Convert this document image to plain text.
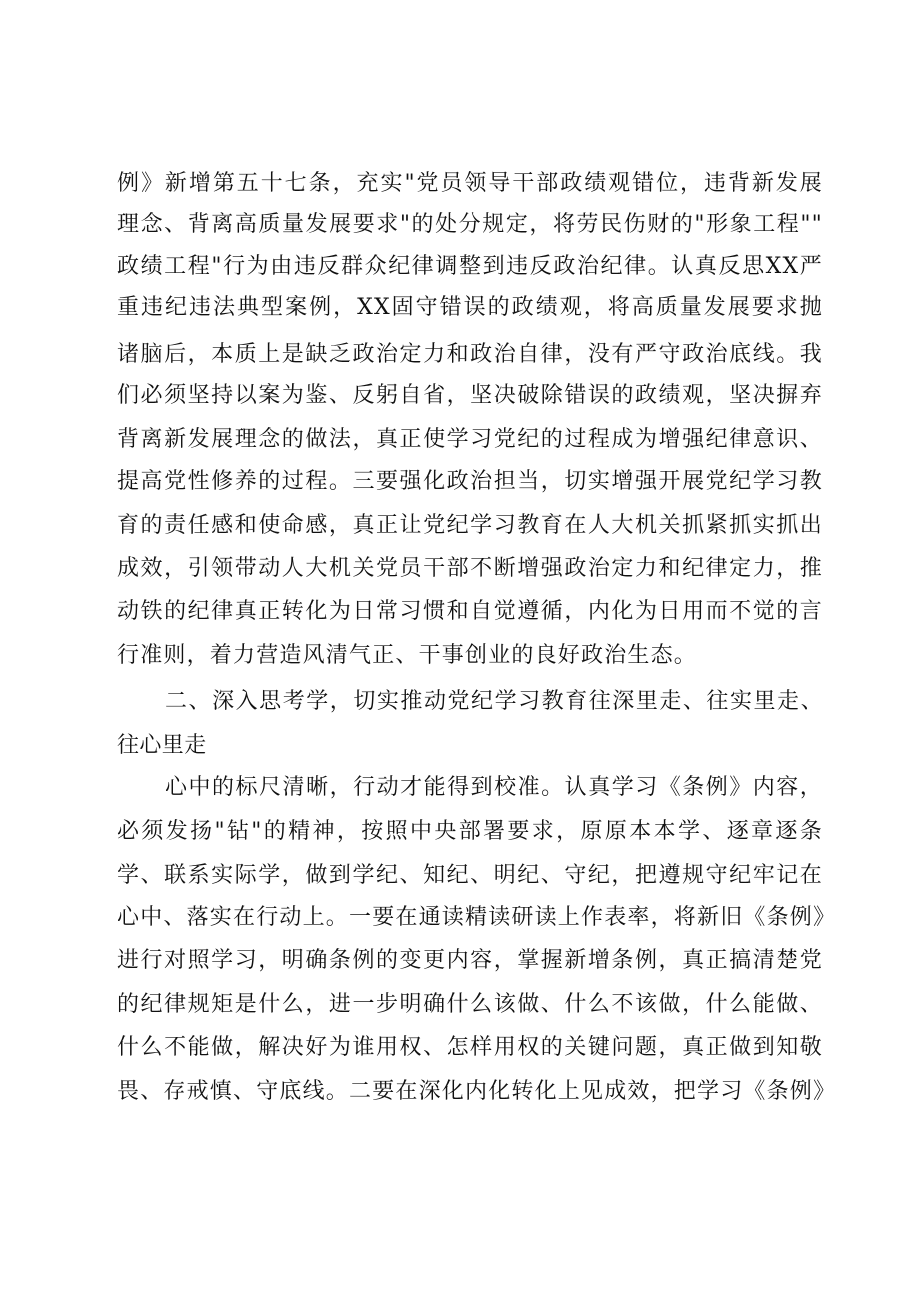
例》新增第五十七条，充实"党员领导干部政绩观错位，违背新发展
理念、背离高质量发展要求"的处分规定，将劳民伤财的"形象工程""
政绩工程"行为由违反群众纪律调整到违反政治纪律。认真反思XX严
重违纪违法典型案例，XX固守错误的政绩观，将高质量发展要求抛
诸脑后，本质上是缺乏政治定力和政治自律，没有严守政治底线。我
们必须坚持以案为鉴、反躬自省，坚决破除错误的政绩观，坚决摒弃
背离新发展理念的做法，真正使学习党纪的过程成为增强纪律意识、
提高党性修养的过程。三要强化政治担当，切实增强开展党纪学习教
育的责任感和使命感，真正让党纪学习教育在人大机关抓紧抓实抓出
成效，引领带动人大机关党员干部不断增强政治定力和纪律定力，推
动铁的纪律真正转化为日常习惯和自觉遵循，内化为日用而不觉的言
行准则，着力营造风清气正、干事创业的良好政治生态。
二、深入思考学，切实推动党纪学习教育往深里走、往实里走、
往心里走
心中的标尺清晰，行动才能得到校准。认真学习《条例》内容，
必须发扬"钻"的精神，按照中央部署要求，原原本本学、逐章逐条
学、联系实际学，做到学纪、知纪、明纪、守纪，把遵规守纪牢记在
心中、落实在行动上。一要在通读精读研读上作表率，将新旧《条例》
进行对照学习，明确条例的变更内容，掌握新增条例，真正搞清楚党
的纪律规矩是什么，进一步明确什么该做、什么不该做，什么能做、
什么不能做，解决好为谁用权、怎样用权的关键问题，真正做到知敬
畏、存戒慎、守底线。二要在深化内化转化上见成效，把学习《条例》
